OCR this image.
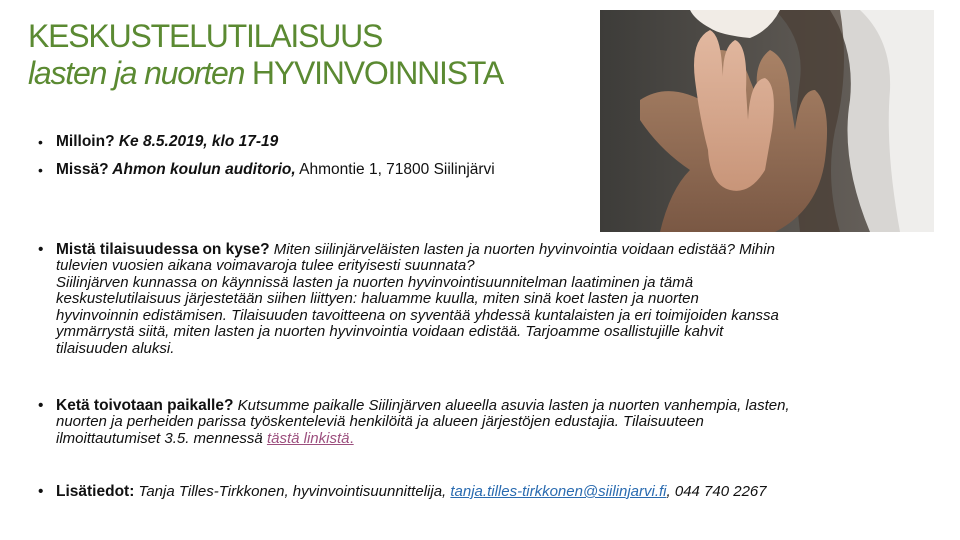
KESKUSTELUTILAISUUS
lasten ja nuorten HYVINVOINNISTA
• Milloin? Ke 8.5.2019, klo 17-19
• Missä? Ahmon koulun auditorio, Ahmontie 1, 71800 Siilinjärvi
• Mistä tilaisuudessa on kyse? Miten siilinjärveläisten lasten ja nuorten hyvinvointia voidaan edistää? Mihin
tulevien vuosien aikana voimavaroja tulee erityisesti suunnata?
Siilinjärven kunnassa on käynnissä lasten ja nuorten hyvinvointisuunnitelman laatiminen ja tämä
keskustelutilaisuus järjestetään siihen liittyen: haluamme kuulla, miten sinä koet lasten ja nuorten
hyvinvoinnin edistämisen. Tilaisuuden tavoitteena on syventää yhdessä kuntalaisten ja eri toimijoiden kanssa
ymmärrystä siitä, miten lasten ja nuorten hyvinvointia voidaan edistää. Tarjoamme osallistujille kahvit
tilaisuuden aluksi.
• Ketä toivotaan paikalle? Kutsumme paikalle Siilinjärven alueella asuvia lasten ja nuorten vanhempia, lasten,
nuorten ja perheiden parissa työskenteleviä henkilöitä ja alueen järjestöjen edustajia. Tilaisuuteen
ilmoittautumiset 3.5. mennessä tästä linkistä.
• Lisätiedot: Tanja Tilles-Tirkkonen, hyvinvointisuunnittelija, tanja.tilles-tirkkonen@siilinjarvi.fi, 044 740 2267
